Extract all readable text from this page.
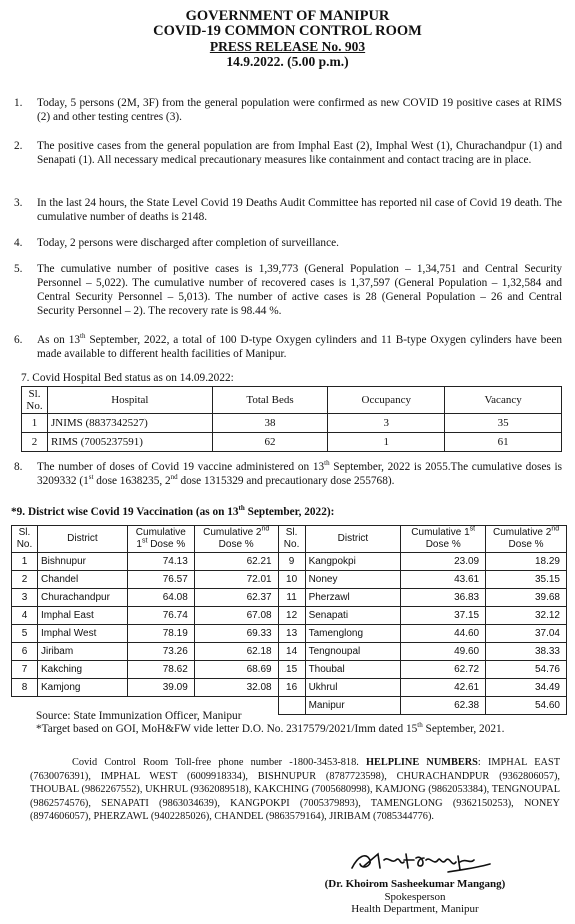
GOVERNMENT OF MANIPUR
COVID-19 COMMON CONTROL ROOM
PRESS RELEASE No. 903
14.9.2022. (5.00 p.m.)
1.	Today, 5 persons (2M, 3F) from the general population were confirmed as new COVID 19 positive cases at RIMS (2) and other testing centres (3).
2.	The positive cases from the general population are from Imphal East (2), Imphal West (1), Churachandpur (1) and Senapati (1). All necessary medical precautionary measures like containment and contact tracing are in place.
3.	In the last 24 hours, the State Level Covid 19 Deaths Audit Committee has reported nil case of Covid 19 death. The cumulative number of deaths is 2148.
4.	Today, 2 persons were discharged after completion of surveillance.
5.	The cumulative number of positive cases is 1,39,773 (General Population – 1,34,751 and Central Security Personnel – 5,022). The cumulative number of recovered cases is 1,37,597 (General Population – 1,32,584 and Central Security Personnel – 5,013). The number of active cases is 28 (General Population – 26 and Central Security Personnel – 2). The recovery rate is 98.44 %.
6.	As on 13th September, 2022, a total of 100 D-type Oxygen cylinders and 11 B-type Oxygen cylinders have been made available to different health facilities of Manipur.
7. Covid Hospital Bed status as on 14.09.2022:
Sl. No.	Hospital	Total Beds	Occupancy	Vacancy
1	JNIMS (8837342527)	38	3	35
2	RIMS (7005237591)	62	1	61
8.	The number of doses of Covid 19 vaccine administered on 13th September, 2022 is 2055.The cumulative doses is 3209332 (1st dose 1638235, 2nd dose 1315329 and precautionary dose 255768).
*9. District wise Covid 19 Vaccination (as on 13th September, 2022):
Sl. No.	District	Cumulative 1st Dose %	Cumulative 2nd Dose %	Sl. No.	District	Cumulative 1st Dose %	Cumulative 2nd Dose %
1	Bishnupur	74.13	62.21	9	Kangpokpi	23.09	18.29
2	Chandel	76.57	72.01	10	Noney	43.61	35.15
3	Churachandpur	64.08	62.37	11	Pherzawl	36.83	39.68
4	Imphal East	76.74	67.08	12	Senapati	37.15	32.12
5	Imphal West	78.19	69.33	13	Tamenglong	44.60	37.04
6	Jiribam	73.26	62.18	14	Tengnoupal	49.60	38.33
7	Kakching	78.62	68.69	15	Thoubal	62.72	54.76
8	Kamjong	39.09	32.08	16	Ukhrul	42.61	34.49
					Manipur	62.38	54.60
Source: State Immunization Officer, Manipur
*Target based on GOI, MoH&FW vide letter D.O. No. 2317579/2021/Imm dated 15th September, 2021.
Covid Control Room Toll-free phone number -1800-3453-818. HELPLINE NUMBERS: IMPHAL EAST (7630076391), IMPHAL WEST (6009918334), BISHNUPUR (8787723598), CHURACHANDPUR (9362806057), THOUBAL (9862267552), UKHRUL (9362089518), KAKCHING (7005680998), KAMJONG (9862053384), TENGNOUPAL (9862574576), SENAPATI (9863034639), KANGPOKPI (7005379893), TAMENGLONG (9362150253), NONEY (8974606057), PHERZAWL (9402285026), CHANDEL (9863579164), JIRIBAM (7085344776).
(Dr. Khoirom Sasheekumar Mangang)
Spokesperson
Health Department, Manipur
